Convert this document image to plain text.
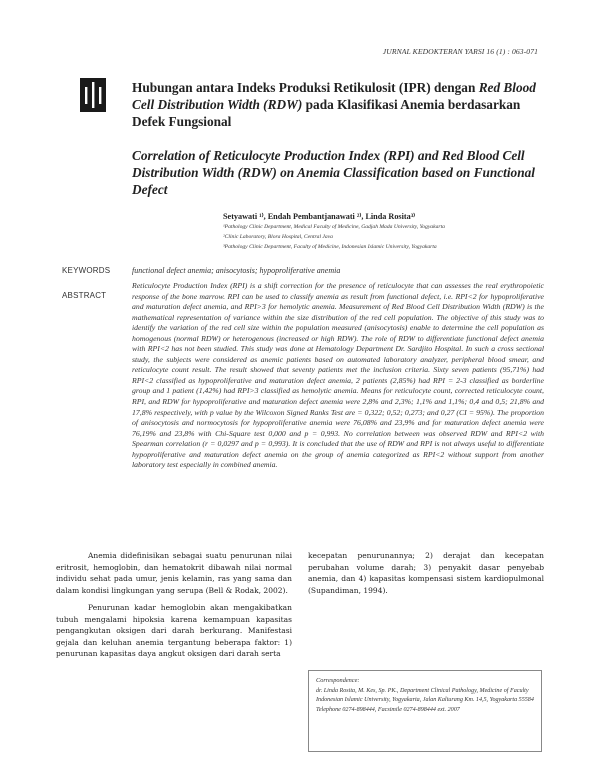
JURNAL KEDOKTERAN YARSI 16 (1) : 063-071
Hubungan antara Indeks Produksi Retikulosit (IPR) dengan Red Blood Cell Distribution Width (RDW) pada Klasifikasi Anemia berdasarkan Defek Fungsional
Correlation of Reticulocyte Production Index (RPI) and Red Blood Cell Distribution Width (RDW) on Anemia Classification based on Functional Defect
Setyawati ¹⁾, Endah Pembantjanawati ²⁾, Linda Rosita³⁾
¹Pathology Clinic Department, Medical Faculty of Medicine, Gadjah Mada University, Yogyakarta
²Clinic Laboratory, Blora Hospital, Central Java
³Pathology Clinic Department, Faculty of Medicine, Indonesian Islamic University, Yogyakarta
KEYWORDS	functional defect anemia; anisocytosis; hypoproliferative anemia
ABSTRACT
Reticulocyte Production Index (RPI) is a shift correction for the presence of reticulocyte that can assesses the real erythropoietic response of the bone marrow. RPI can be used to classify anemia as result from functional defect, i.e. RPI<2 for hypoproliferative and maturation defect anemia, and RPI>3 for hemolytic anemia. Measurement of Red Blood Cell Distribution Width (RDW) is the mathematical representation of variance within the size distribution of the red cell population. The objective of this study was to identify the variation of the red cell size within the population measured (anisocytosis) enable to determine the cell population as homogenous (normal RDW) or heterogenous (increased or high RDW). The role of RDW to differentiate functional defect anemia with RPI<2 has not been studied. This study was done at Hematology Department Dr. Sardjito Hospital. In such a cross sectional study, the subjects were considered as anemic patients based on automated laboratory analyzer, peripheral blood smear, and reticulocyte count result. The result showed that seventy patients met the inclusion criteria. Sixty seven patients (95,71%) had RPI<2 classified as hypoproliferative and maturation defect anemia, 2 patients (2,85%) had RPI = 2-3 classified as borderline group and 1 patient (1,42%) had RPI>3 classified as hemolytic anemia. Means for reticulocyte count, corrected reticulocyte count, RPI, and RDW for hypoproliferative and maturation defect anemia were 2,8% and 2,3%; 1,1% and 1,1%; 0,4 and 0,5; 21,8% and 17,8% respectively, with p value by the Wilcoxon Signed Ranks Test are = 0,322; 0,52; 0,273; and 0,27 (CI = 95%). The proportion of anisocytosis and normocytosis for hypoproliferative anemia were 76,08% and 23,9% and for maturation defect anemia were 76,19% and 23,8% with Chi-Square test 0,000 and p = 0,993. No correlation between was observed RDW and RPI<2 with Spearman correlation (r = 0,0297 and p = 0,993). It is concluded that the use of RDW and RPI is not always useful to differentiate hypoproliferative and maturation defect anemia on the group of anemia categorized as RPI<2 without support from another laboratory test especially in combined anemia.

Anemia didefinisikan sebagai suatu penurunan nilai eritrosit, hemoglobin, dan hematokrit dibawah nilai normal individu sehat pada umur, jenis kelamin, ras yang sama dan dalam kondisi lingkungan yang serupa (Bell & Rodak, 2002).

Penurunan kadar hemoglobin akan mengakibatkan tubuh mengalami hipoksia karena kemampuan kapasitas pengangkutan oksigen dari darah berkurang. Manifestasi gejala dan keluhan anemia tergantung beberapa faktor: 1) penurunan kapasitas daya angkut oksigen dari darah serta

kecepatan penurunannya; 2) derajat dan kecepatan perubahan volume darah; 3) penyakit dasar penyebab anemia, dan 4) kapasitas kompensasi sistem kardiopulmonal (Supandiman, 1994).

Correspondence:
dr. Linda Rosita, M. Kes, Sp. PK., Department Clinical Pathology, Medicine of Faculty Indonesian Islamic University, Yogyakarta, Jalan Kaliurang Km. 14,5, Yogyakarta 55584 Telephone 0274-898444, Facsimile 0274-898444 ext. 2007
